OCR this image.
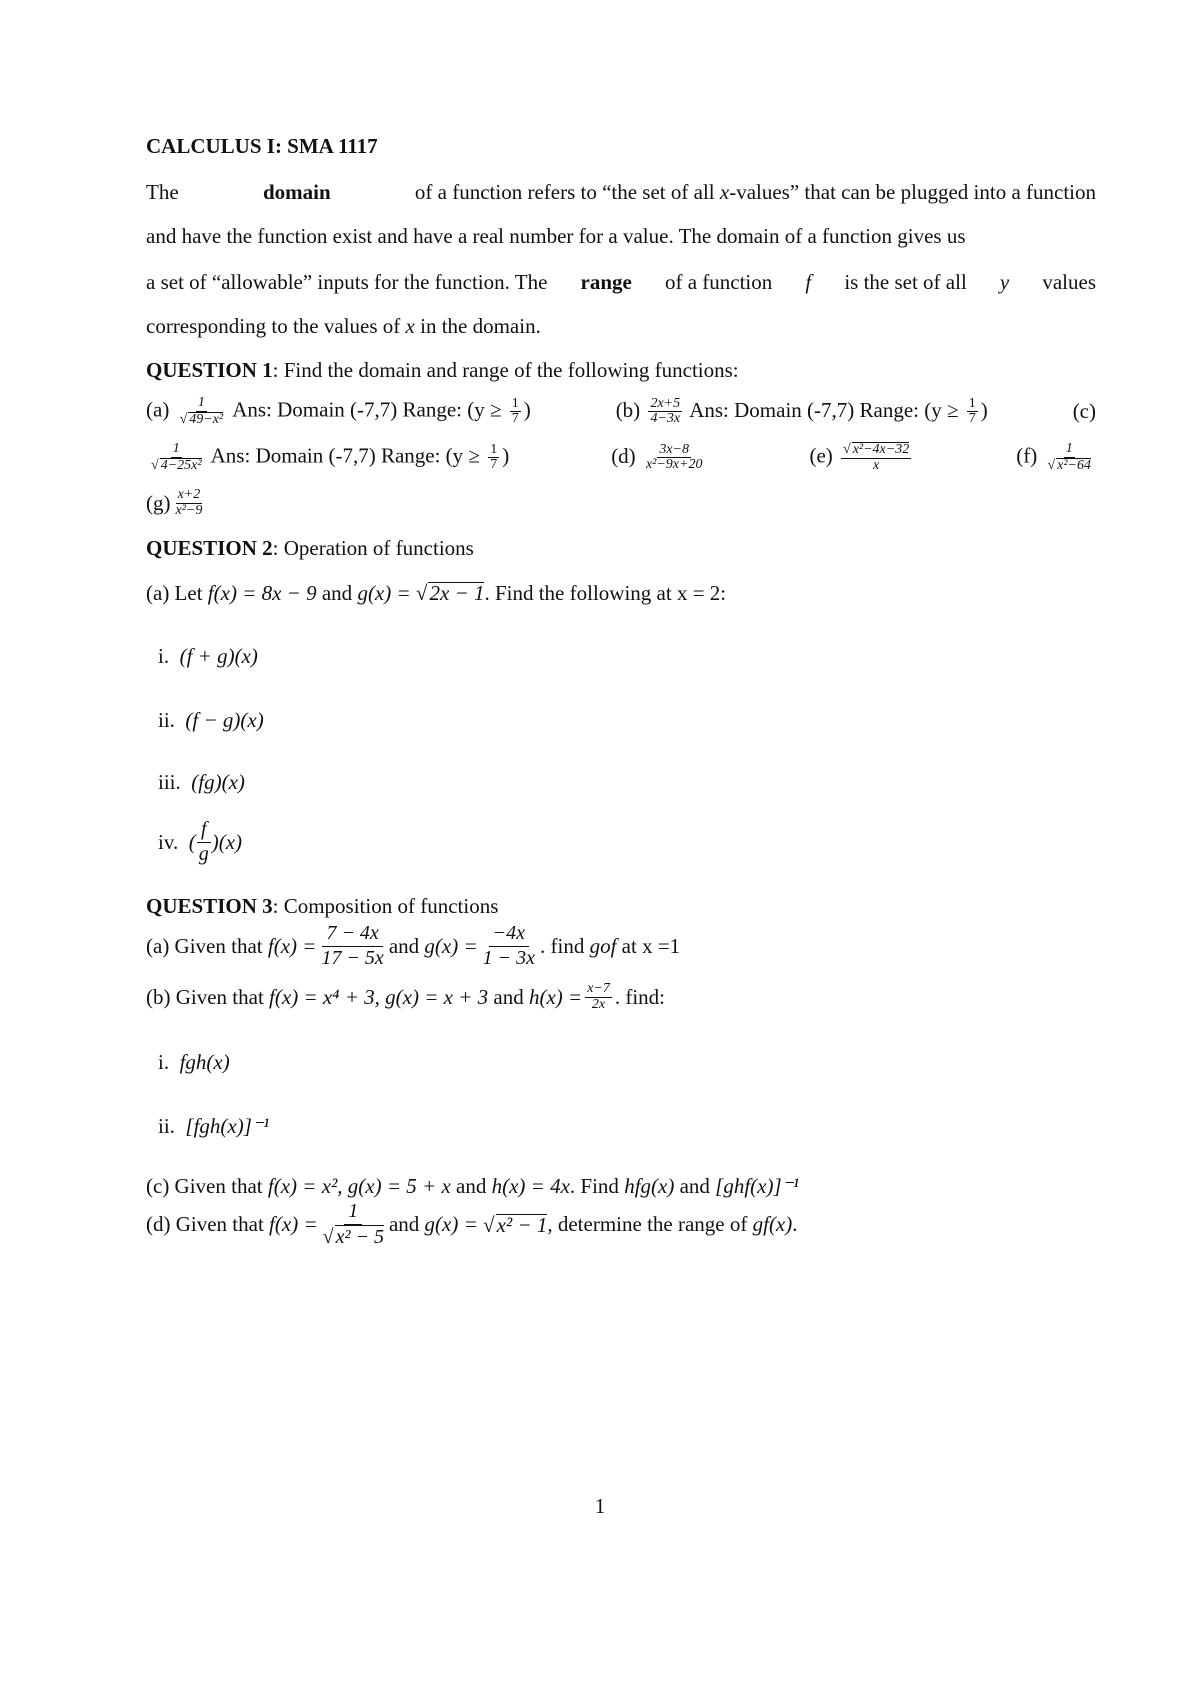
CALCULUS I: SMA 1117
The	domain	of a function refers to “the set of all x-values” that can be plugged into a function
and have the function exist and have a real number for a value. The domain of a function gives us
a set of “allowable” inputs for the function. The range of a function f is the set of all y values
corresponding to the values of x in the domain.
QUESTION 1: Find the domain and range of the following functions:
$(a) \frac{1}{\text{√ 49−x²}}$ Ans: Domain (-7,7) Range: ($y \ge \frac{1}{7}$ )	$(b) \frac{2x+5}{4-3x}$ Ans: Domain (-7,7) Range: ($y \ge \frac{1}{7}$ )	(c)
$\frac{1}{\text{√ 4−25x²}}$ Ans: Domain (-7,7) Range: ($y \ge \frac{1}{7}$ )	$(d) \frac{3x-8}{\text{x²−9x+20}}$	$(e) \frac{\text{√ x²−4x−32}}{x}$	$(f) \frac{1}{\text{√ x²−64}}$
$(g) \frac{x+2}{\text{x²−9}}$
QUESTION 2: Operation of functions
(a) Let f(x) = 8x − 9 and g(x) = √2x − 1. Find the following at x = 2:
i. (f + g)(x)
ii. (f − g)(x)
iii. (fg)(x)
iv.
( $\frac{f}{g} )(x)$
QUESTION 3: Composition of functions
(a) Given that
$f(x) = \frac{7 - 4x}{17 - 5x}$ and
$g(x) = \frac{-4x}{1 - 3x}$ . find
gof
at x =1
(b) Given that
f(x) = x⁴ + 3, g(x) = x + 3
and
$h(x) = \frac{x-7}{2x}$ . find:
i. fgh(x)
ii. [fgh(x)]⁻¹
(c) Given that f(x) = x², g(x) = 5 + x and h(x) = 4x. Find hfg(x) and [ghf(x)]⁻¹
(d) Given that
$f(x) = \frac{1}{\text{√ x² − 5}}$ and
g(x) =
√x² − 1 , determine the range of
gf(x) .
1
